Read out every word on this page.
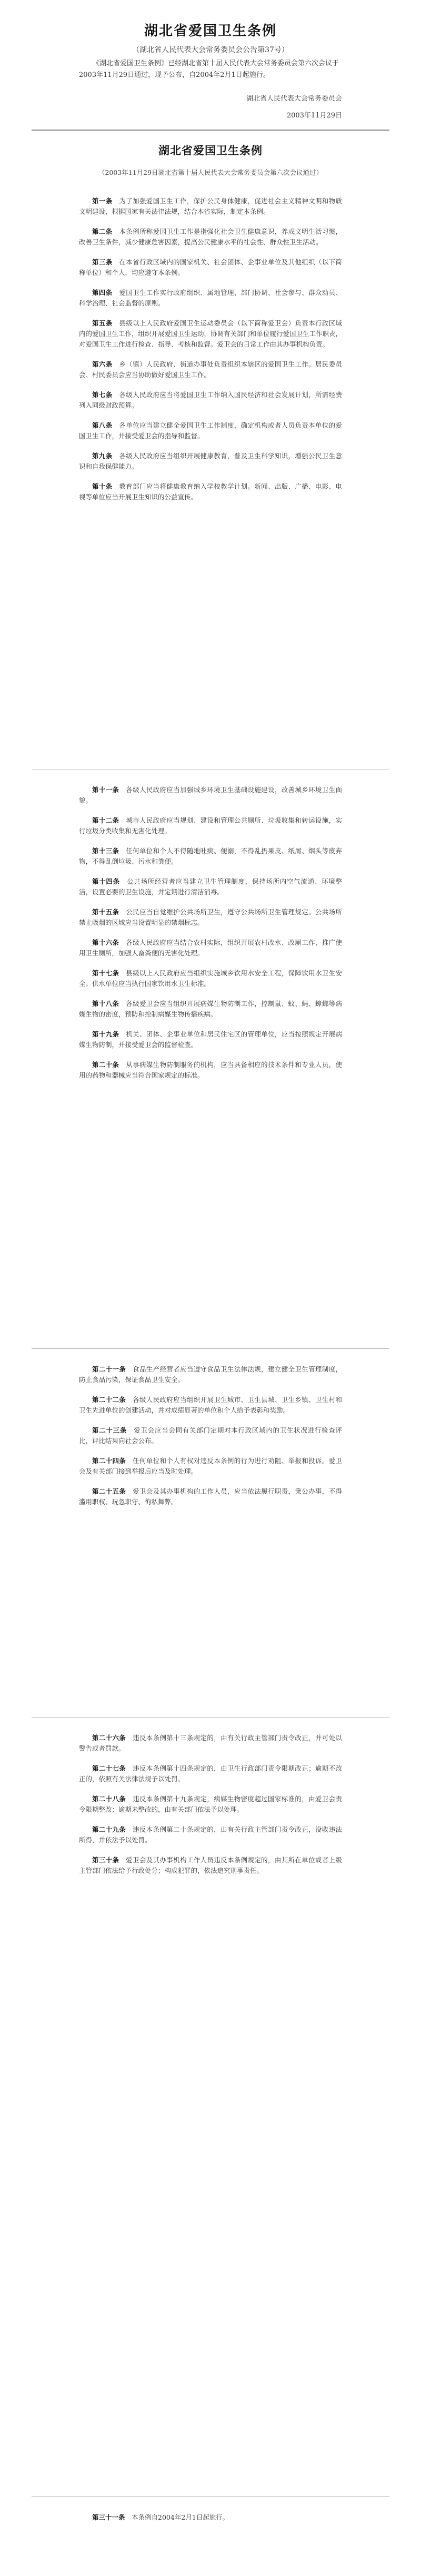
湖北省爱国卫生条例
（湖北省人民代表大会常务委员会公告第37号）
《湖北省爱国卫生条例》已经湖北省第十届人民代表大会常务委员会第六次会议于2003年11月29日通过，现予公布，自2004年2月1日起施行。
湖北省人民代表大会常务委员会
2003年11月29日
湖北省爱国卫生条例
（2003年11月29日湖北省第十届人民代表大会常务委员会第六次会议通过）

第一条　 为了加强爱国卫生工作，保护公民身体健康，促进社会主义精神文明和物质文明建设，根据国家有关法律法规，结合本省实际，制定本条例。

第二条　 本条例所称爱国卫生工作是指强化社会卫生健康意识，养成文明生活习惯，改善卫生条件，减少健康危害因素，提高公民健康水平的社会性、群众性卫生活动。

第三条　 在本省行政区域内的国家机关、社会团体、企事业单位及其他组织（以下简称单位）和个人，均应遵守本条例。

第四条　 爱国卫生工作实行政府组织、属地管理、部门协调、社会参与、群众动员、科学治理、社会监督的原则。

第五条　 县级以上人民政府爱国卫生运动委员会（以下简称爱卫会）负责本行政区域内的爱国卫生工作，组织开展爱国卫生运动，协调有关部门和单位履行爱国卫生工作职责，对爱国卫生工作进行检查、指导、考核和监督。爱卫会的日常工作由其办事机构负责。

第六条　 乡（镇）人民政府、街道办事处负责组织本辖区的爱国卫生工作。居民委员会、村民委员会应当协助做好爱国卫生工作。

第七条　 各级人民政府应当将爱国卫生工作纳入国民经济和社会发展计划，所需经费列入同级财政预算。

第八条　 各单位应当建立健全爱国卫生工作制度，确定机构或者人员负责本单位的爱国卫生工作，并接受爱卫会的指导和监督。

第九条　 各级人民政府应当组织开展健康教育，普及卫生科学知识，增强公民卫生意识和自我保健能力。

第十条　 教育部门应当将健康教育纳入学校教学计划。新闻、出版、广播、电影、电视等单位应当开展卫生知识的公益宣传。

第十一条　 各级人民政府应当加强城乡环境卫生基础设施建设，改善城乡环境卫生面貌。

第十二条　 城市人民政府应当规划、建设和管理公共厕所、垃圾收集和转运设施，实行垃圾分类收集和无害化处理。

第十三条　 任何单位和个人不得随地吐痰、便溺，不得乱扔果皮、纸屑、烟头等废弃物，不得乱倒垃圾、污水和粪便。

第十四条　 公共场所经营者应当建立卫生管理制度，保持场所内空气流通、环境整洁，设置必要的卫生设施，并定期进行清洁消毒。

第十五条　 公民应当自觉维护公共场所卫生，遵守公共场所卫生管理规定。公共场所禁止吸烟的区域应当设置明显的禁烟标志。

第十六条　 各级人民政府应当结合农村实际，组织开展农村改水、改厕工作，推广使用卫生厕所，加强人畜粪便的无害化处理。

第十七条　 县级以上人民政府应当组织实施城乡饮用水安全工程，保障饮用水卫生安全。供水单位应当执行国家饮用水卫生标准。

第十八条　 各级爱卫会应当组织开展病媒生物防制工作，控制鼠、蚊、蝇、蟑螂等病媒生物的密度，预防和控制病媒生物传播疾病。

第十九条　 机关、团体、企事业单位和居民住宅区的管理单位，应当按照规定开展病媒生物防制，并接受爱卫会的监督检查。

第二十条　 从事病媒生物防制服务的机构，应当具备相应的技术条件和专业人员，使用的药物和器械应当符合国家规定的标准。

第二十一条　 食品生产经营者应当遵守食品卫生法律法规，建立健全卫生管理制度，防止食品污染，保证食品卫生安全。

第二十二条　 各级人民政府应当组织开展卫生城市、卫生县城、卫生乡镇、卫生村和卫生先进单位的创建活动，并对成绩显著的单位和个人给予表彰和奖励。

第二十三条　 爱卫会应当会同有关部门定期对本行政区域内的卫生状况进行检查评比，评比结果向社会公布。

第二十四条　 任何单位和个人有权对违反本条例的行为进行劝阻、举报和投诉。爱卫会及有关部门接到举报后应当及时处理。

第二十五条　 爱卫会及其办事机构的工作人员，应当依法履行职责，秉公办事，不得滥用职权、玩忽职守、徇私舞弊。

第二十六条　 违反本条例第十三条规定的，由有关行政主管部门责令改正，并可处以警告或者罚款。

第二十七条　 违反本条例第十四条规定的，由卫生行政部门责令限期改正；逾期不改正的，依照有关法律法规予以处罚。

第二十八条　 违反本条例第十九条规定，病媒生物密度超过国家标准的，由爱卫会责令限期整改；逾期未整改的，由有关部门依法予以处理。

第二十九条　 违反本条例第二十条规定的，由有关行政主管部门责令改正，没收违法所得，并依法予以处罚。

第三十条　 爱卫会及其办事机构工作人员违反本条例规定的，由其所在单位或者上级主管部门依法给予行政处分；构成犯罪的，依法追究刑事责任。

第三十一条　 本条例自2004年2月1日起施行。
